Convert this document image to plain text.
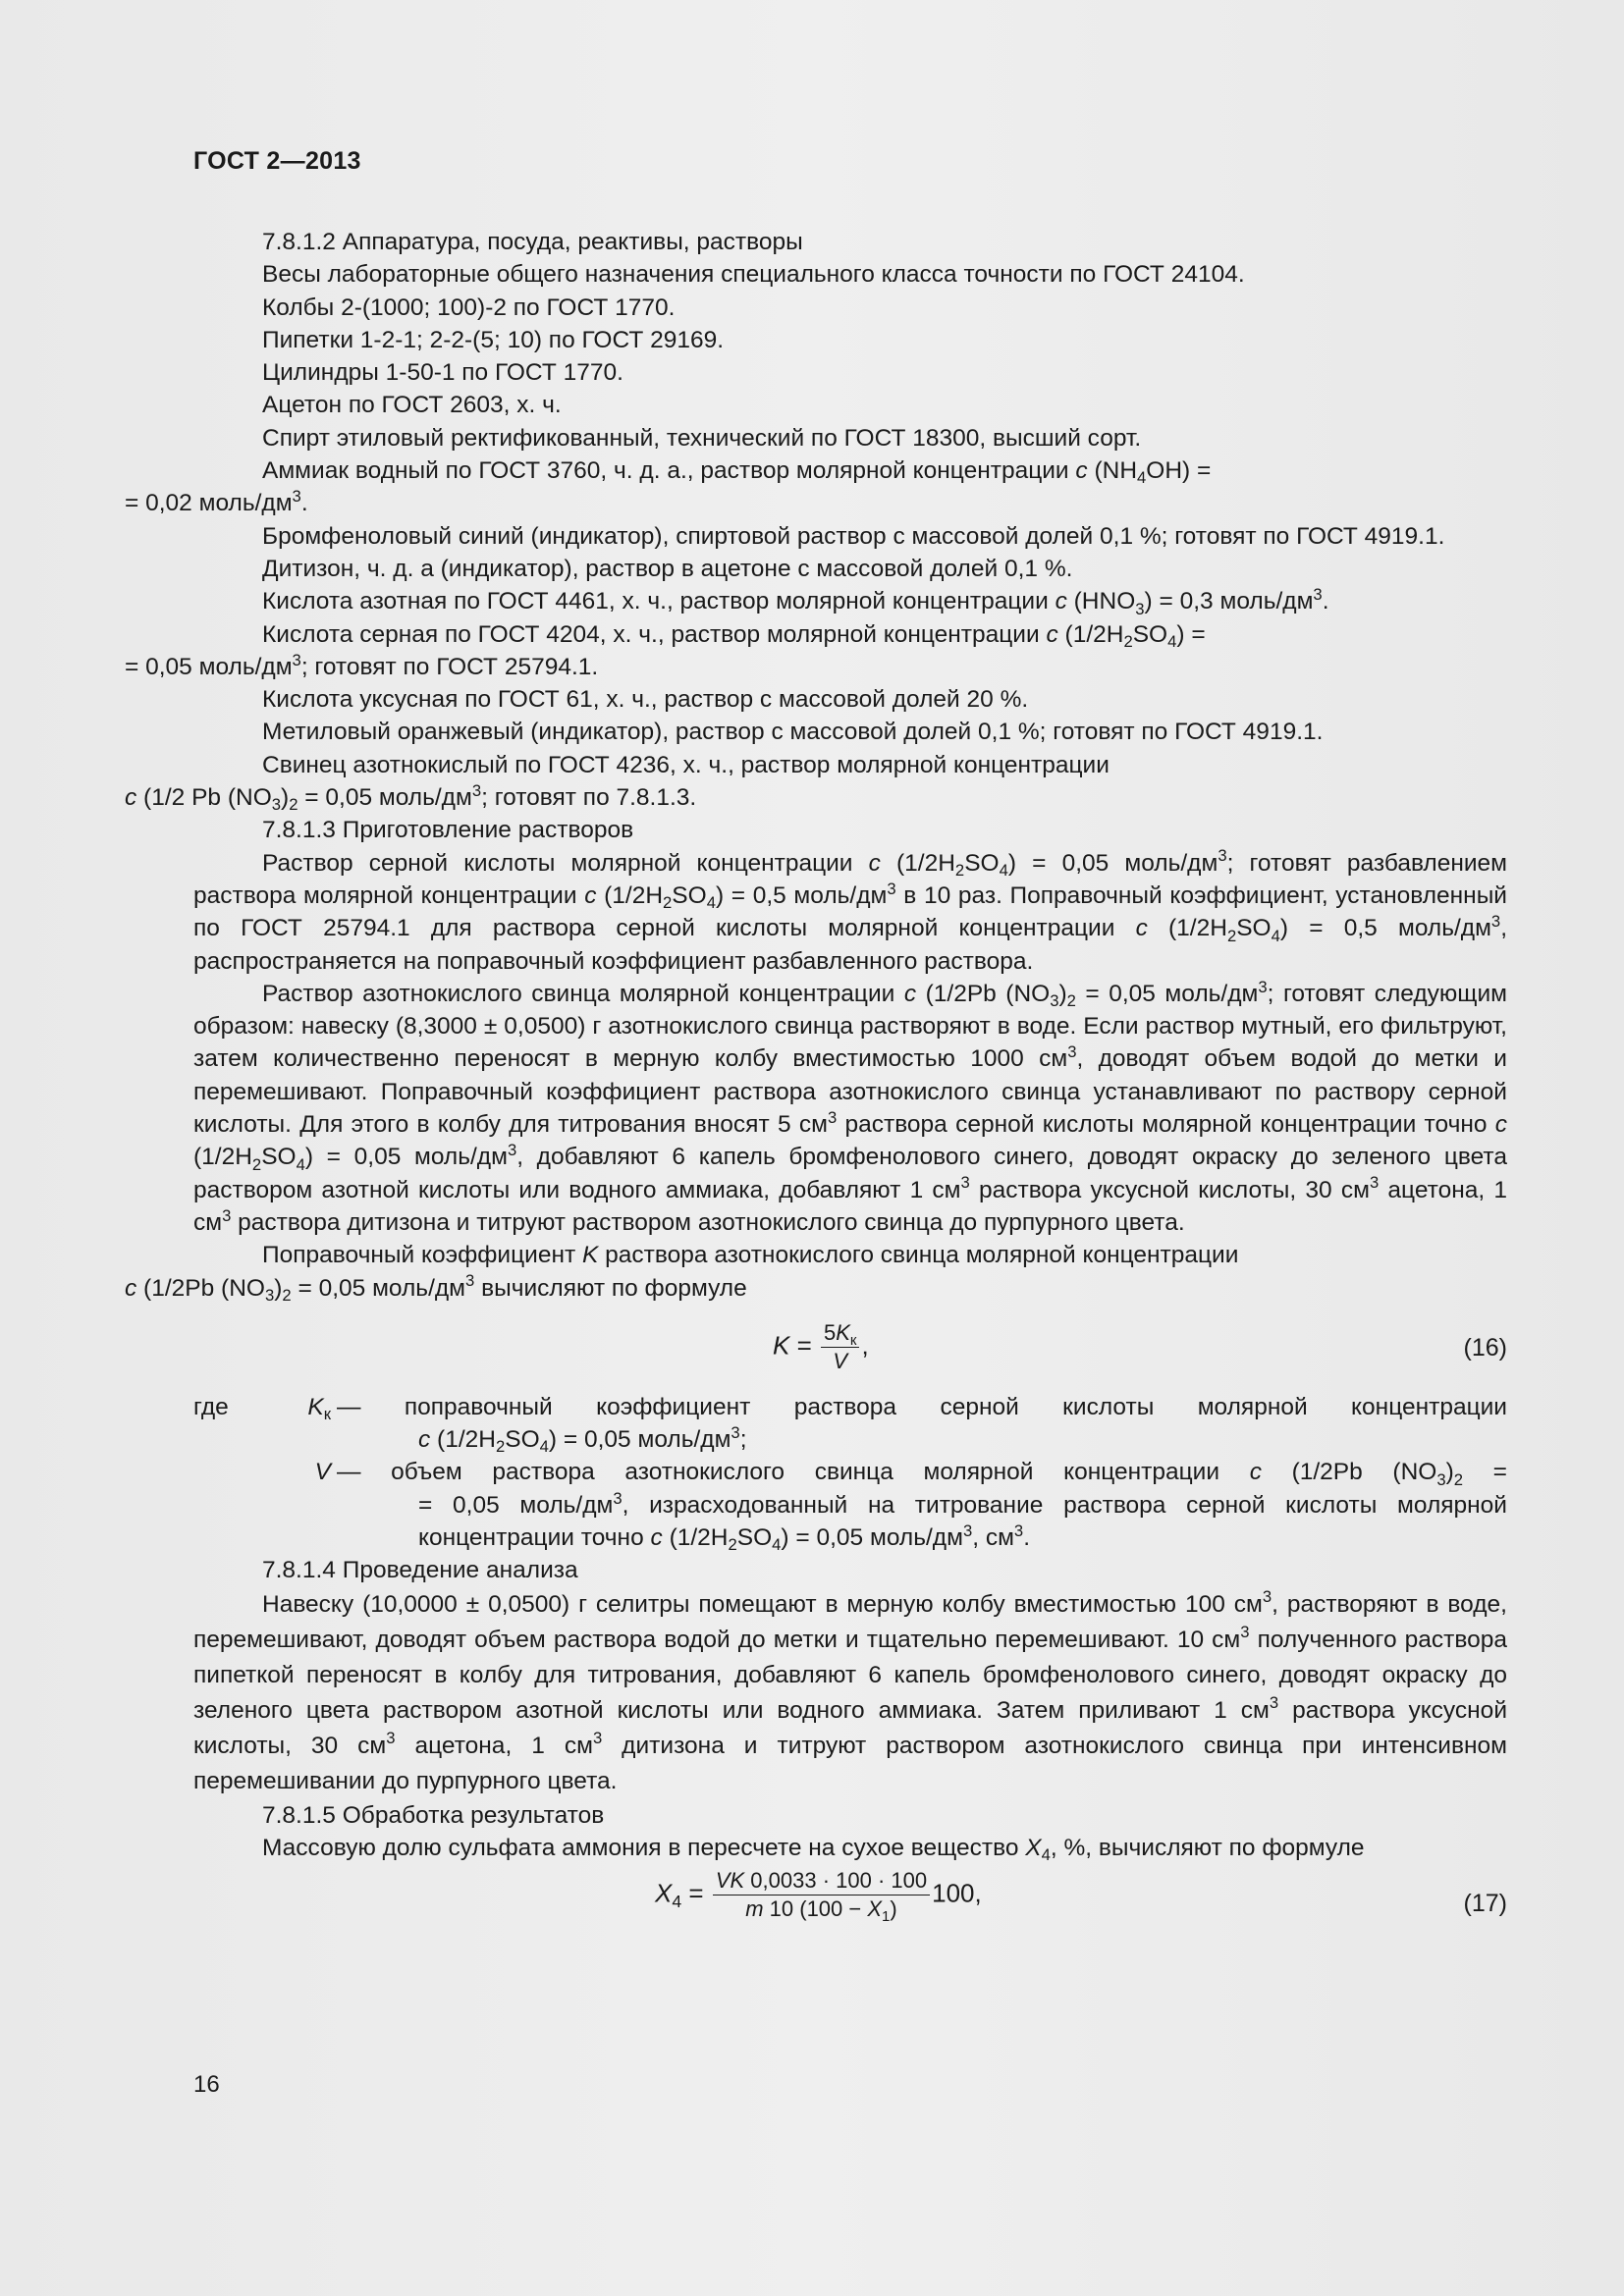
ГОСТ 2—2013

7.8.1.2 Аппаратура, посуда, реактивы, растворы

Весы лабораторные общего назначения специального класса точности по ГОСТ 24104.

Колбы 2-(1000; 100)-2 по ГОСТ 1770.

Пипетки 1-2-1; 2-2-(5; 10) по ГОСТ 29169.

Цилиндры 1-50-1 по ГОСТ 1770.

Ацетон по ГОСТ 2603, х. ч.

Спирт этиловый ректификованный, технический по ГОСТ 18300, высший сорт.

Аммиак водный по ГОСТ 3760, ч. д. а., раствор молярной концентрации c $(NH_4OH)$ =
= 0,02 моль/$дм^3$.

Бромфеноловый синий (индикатор), спиртовой раствор с массовой долей 0,1 %; готовят по ГОСТ 4919.1.

Дитизон, ч. д. а (индикатор), раствор в ацетоне с массовой долей 0,1 %.

Кислота азотная по ГОСТ 4461, х. ч., раствор молярной концентрации c $(HNO_3) = 0,3$ моль/$дм^3$.

Кислота серная по ГОСТ 4204, х. ч., раствор молярной концентрации c $(1/2H_2SO_4)$ =
= 0,05 моль/$дм^3$; готовят по ГОСТ 25794.1.

Кислота уксусная по ГОСТ 61, х. ч., раствор с массовой долей 20 %.

Метиловый оранжевый (индикатор), раствор с массовой долей 0,1 %; готовят по ГОСТ 4919.1.

Свинец азотнокислый по ГОСТ 4236, х. ч., раствор молярной концентрации
c (1/2 Pb $(NO_3)_2 = 0,05$ моль/$дм^3$; готовят по 7.8.1.3.

7.8.1.3 Приготовление растворов

Раствор серной кислоты молярной концентрации c $(1/2H_2SO_4) = 0,05$ моль/$дм^3$; готовят разбавлением раствора молярной концентрации c $(1/2H_2SO_4) = 0,5$ моль/$дм^3$ в 10 раз. Поправочный коэффициент, установленный по ГОСТ 25794.1 для раствора серной кислоты молярной концентрации c $(1/2H_2SO_4) = 0,5$ моль/$дм^3$, распространяется на поправочный коэффициент разбавленного раствора.

Раствор азотнокислого свинца молярной концентрации c (1/2Pb $(NO_3)_2 = 0,05$ моль/$дм^3$; готовят следующим образом: навеску (8,3000 ± 0,0500) г азотнокислого свинца растворяют в воде. Если раствор мутный, его фильтруют, затем количественно переносят в мерную колбу вместимостью 1000 $см^3$, доводят объем водой до метки и перемешивают. Поправочный коэффициент раствора азотнокислого свинца устанавливают по раствору серной кислоты. Для этого в колбу для титрования вносят 5 $см^3$ раствора серной кислоты молярной концентрации точно c $(1/2H_2SO_4) = 0,05$ моль/$дм^3$, добавляют 6 капель бромфенолового синего, доводят окраску до зеленого цвета раствором азотной кислоты или водного аммиака, добавляют 1 $см^3$ раствора уксусной кислоты, 30 $см^3$ ацетона, 1 $см^3$ раствора дитизона и титруют раствором азотнокислого свинца до пурпурного цвета.

Поправочный коэффициент K раствора азотнокислого свинца молярной концентрации
c (1/2Pb $(NO_3)_2 = 0,05$ моль/$дм^3$ вычисляют по формуле

$K = \frac{5K_к}{V}$ ,	(16)
где	$K_к$ — поправочный коэффициент раствора серной кислоты молярной концентрации
c $(1/2H_2SO_4) = 0,05$ моль/$дм^3$;
V — объем раствора азотнокислого свинца молярной концентрации c (1/2Pb $(NO_3)_2$ =
= 0,05 моль/$дм^3$, израсходованный на титрование раствора серной кислоты молярной концентрации точно c $(1/2H_2SO_4) = 0,05$ моль/$дм^3$, $см^3$.

7.8.1.4 Проведение анализа

Навеску (10,0000 ± 0,0500) г селитры помещают в мерную колбу вместимостью 100 $см^3$, растворяют в воде, перемешивают, доводят объем раствора водой до метки и тщательно перемешивают. 10 $см^3$ полученного раствора пипеткой переносят в колбу для титрования, добавляют 6 капель бромфенолового синего, доводят окраску до зеленого цвета раствором азотной кислоты или водного аммиака. Затем приливают 1 $см^3$ раствора уксусной кислоты, 30 $см^3$ ацетона, 1 $см^3$ дитизона и титруют раствором азотнокислого свинца при интенсивном перемешивании до пурпурного цвета.

7.8.1.5 Обработка результатов

Массовую долю сульфата аммония в пересчете на сухое вещество $X_4$, %, вычисляют по формуле

$X_4 = \frac{VK 0,0033 \cdot 100 \cdot 100}{m 10 (100 - X_1)} 100$,	(17)
16
